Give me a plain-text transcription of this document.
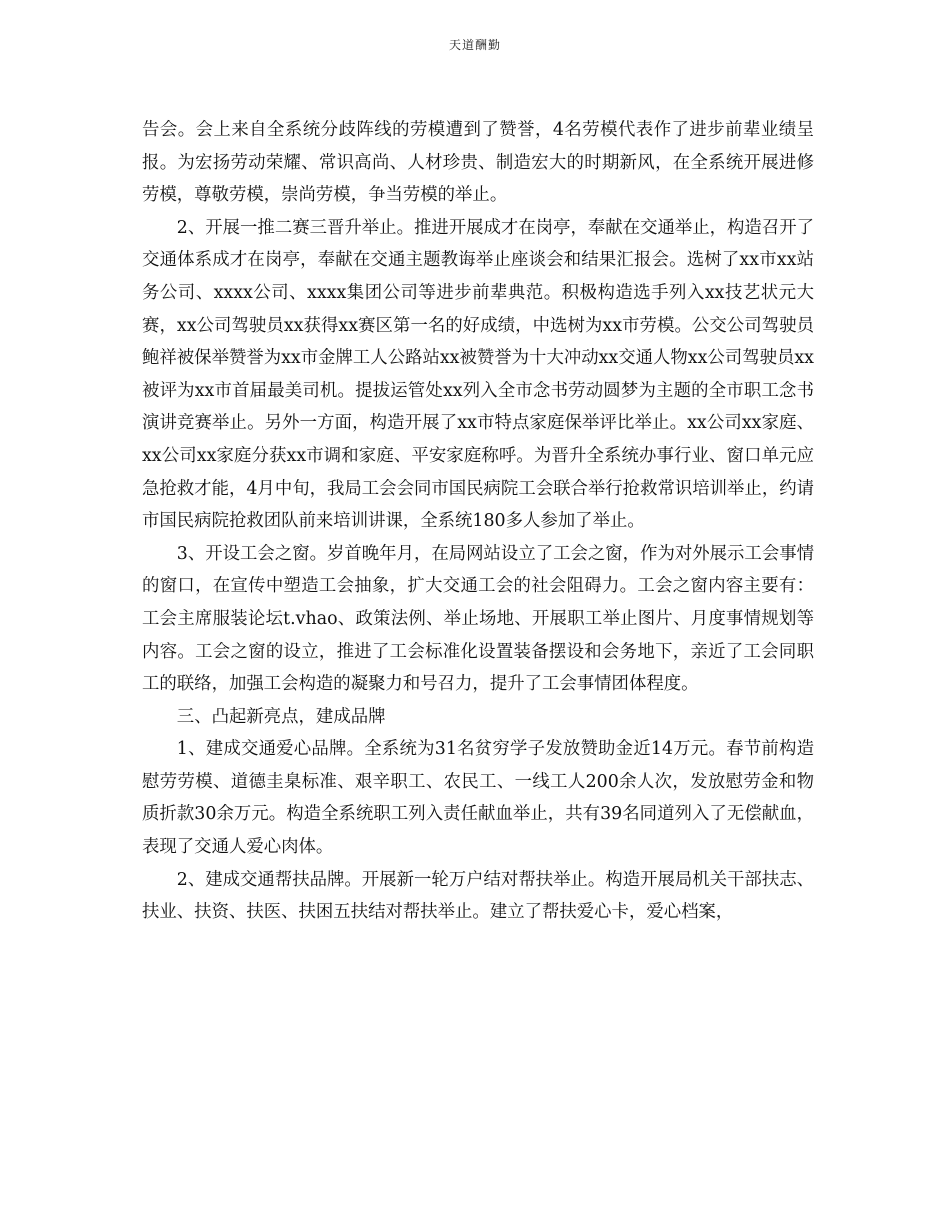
天道酬勤

告会。会上来自全系统分歧阵线的劳模遭到了赞誉，4名劳模代表作了进步前辈业绩呈报。为宏扬劳动荣耀、常识高尚、人材珍贵、制造宏大的时期新风，在全系统开展进修劳模，尊敬劳模，崇尚劳模，争当劳模的举止。

2、开展一推二赛三晋升举止。推进开展成才在岗亭，奉献在交通举止，构造召开了交通体系成才在岗亭，奉献在交通主题教诲举止座谈会和结果汇报会。选树了xx市xx站务公司、xxxx公司、xxxx集团公司等进步前辈典范。积极构造选手列入xx技艺状元大赛，xx公司驾驶员xx获得xx赛区第一名的好成绩，中选树为xx市劳模。公交公司驾驶员鲍祥被保举赞誉为xx市金牌工人公路站xx被赞誉为十大冲动xx交通人物xx公司驾驶员xx被评为xx市首届最美司机。提拔运管处xx列入全市念书劳动圆梦为主题的全市职工念书演讲竞赛举止。另外一方面，构造开展了xx市特点家庭保举评比举止。xx公司xx家庭、xx公司xx家庭分获xx市调和家庭、平安家庭称呼。为晋升全系统办事行业、窗口单元应急抢救才能，4月中旬，我局工会会同市国民病院工会联合举行抢救常识培训举止，约请市国民病院抢救团队前来培训讲课，全系统180多人参加了举止。

3、开设工会之窗。岁首晚年月，在局网站设立了工会之窗，作为对外展示工会事情的窗口，在宣传中塑造工会抽象，扩大交通工会的社会阻碍力。工会之窗内容主要有：工会主席服装论坛t.vhao、政策法例、举止场地、开展职工举止图片、月度事情规划等内容。工会之窗的设立，推进了工会标准化设置装备摆设和会务地下，亲近了工会同职工的联络，加强工会构造的凝聚力和号召力，提升了工会事情团体程度。

三、凸起新亮点，建成品牌

1、建成交通爱心品牌。全系统为31名贫穷学子发放赞助金近14万元。春节前构造慰劳劳模、道德圭臬标准、艰辛职工、农民工、一线工人200余人次，发放慰劳金和物质折款30余万元。构造全系统职工列入责任献血举止，共有39名同道列入了无偿献血，表现了交通人爱心肉体。

2、建成交通帮扶品牌。开展新一轮万户结对帮扶举止。构造开展局机关干部扶志、扶业、扶资、扶医、扶困五扶结对帮扶举止。建立了帮扶爱心卡，爱心档案，
